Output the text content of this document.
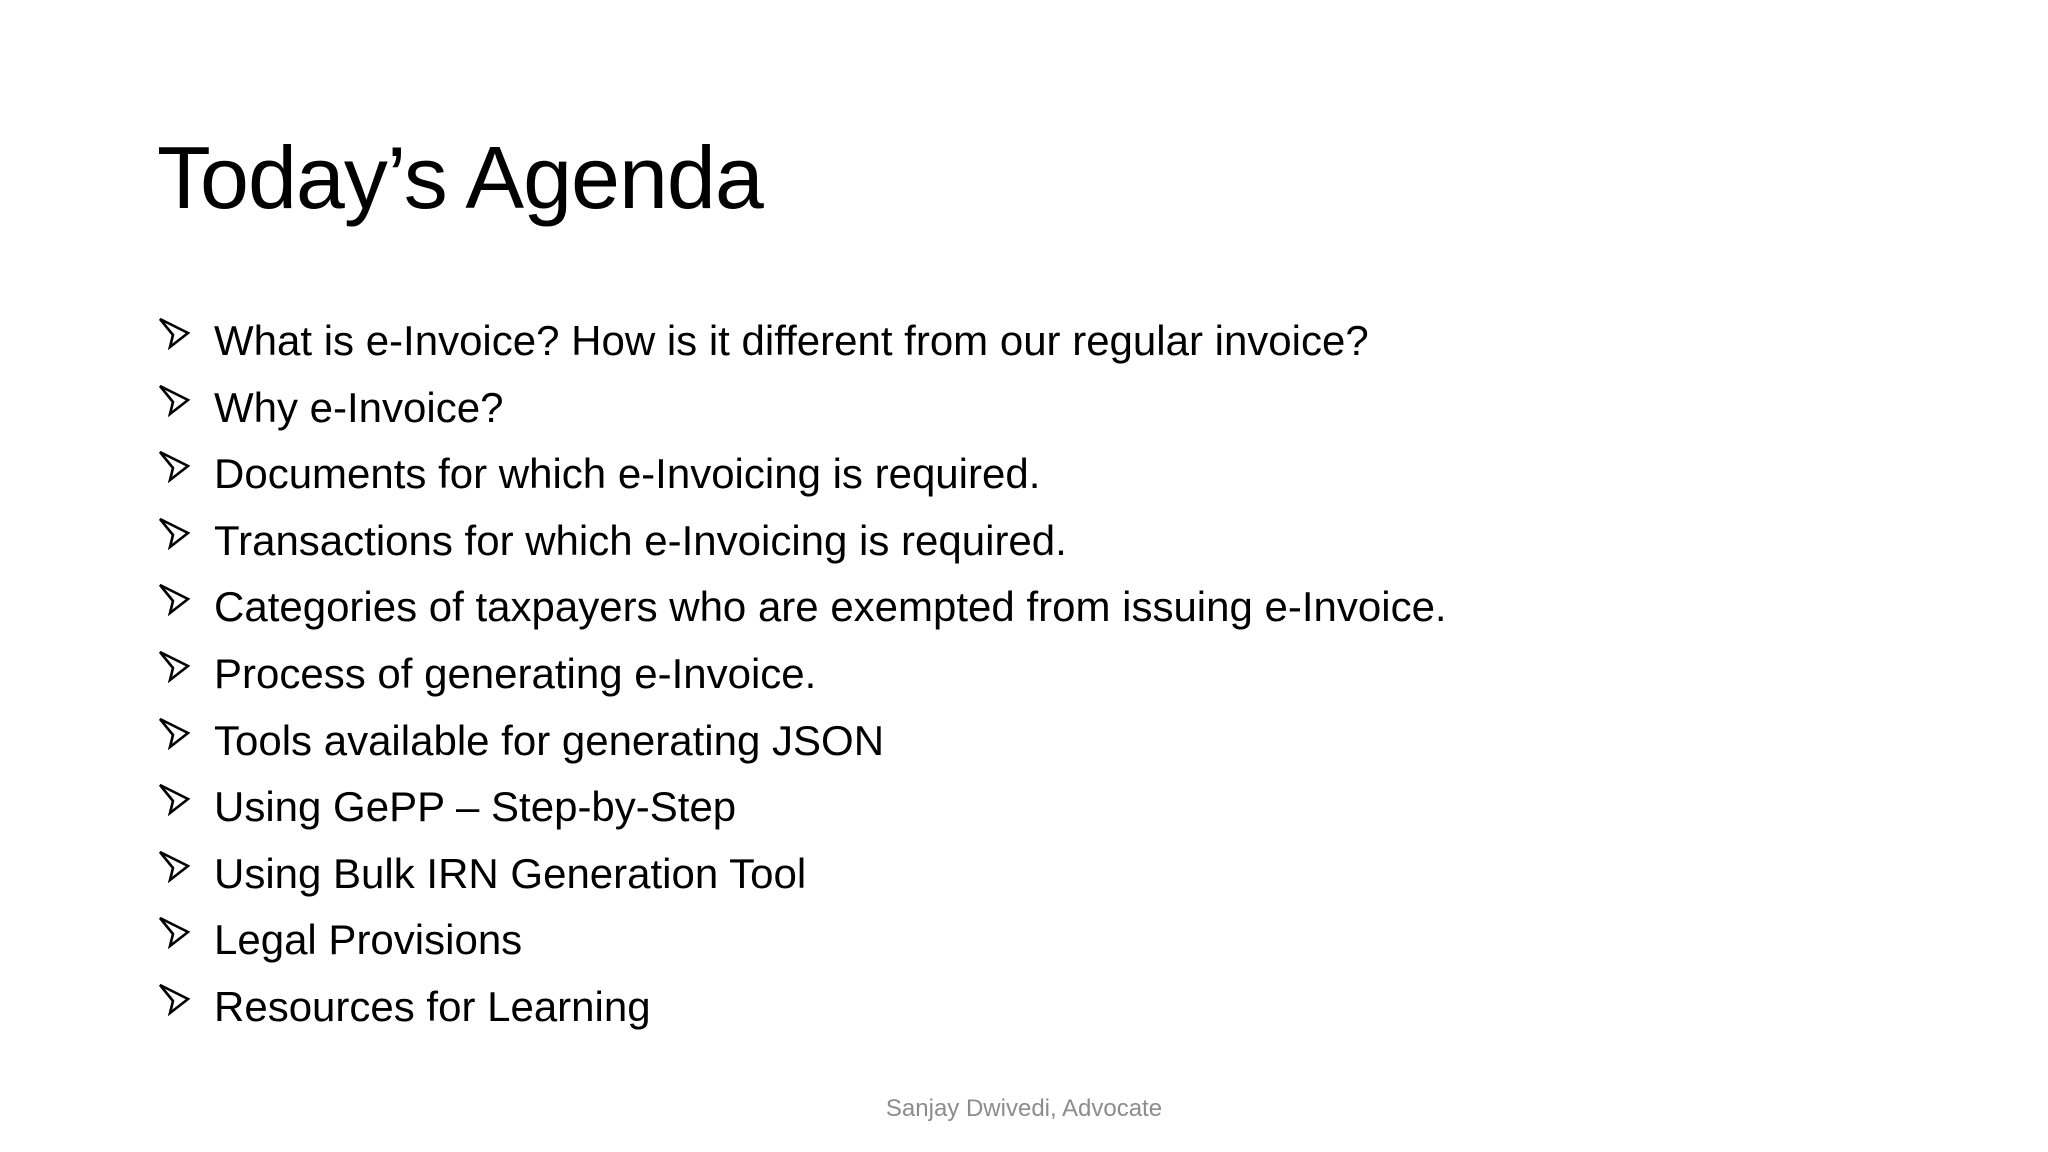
Today’s Agenda
What is e-Invoice? How is it different from our regular invoice?
Why e-Invoice?
Documents for which e-Invoicing is required.
Transactions for which e-Invoicing is required.
Categories of taxpayers who are exempted from issuing e-Invoice.
Process of generating e-Invoice.
Tools available for generating JSON
Using GePP – Step-by-Step
Using Bulk IRN Generation Tool
Legal Provisions
Resources for Learning
Sanjay Dwivedi, Advocate
